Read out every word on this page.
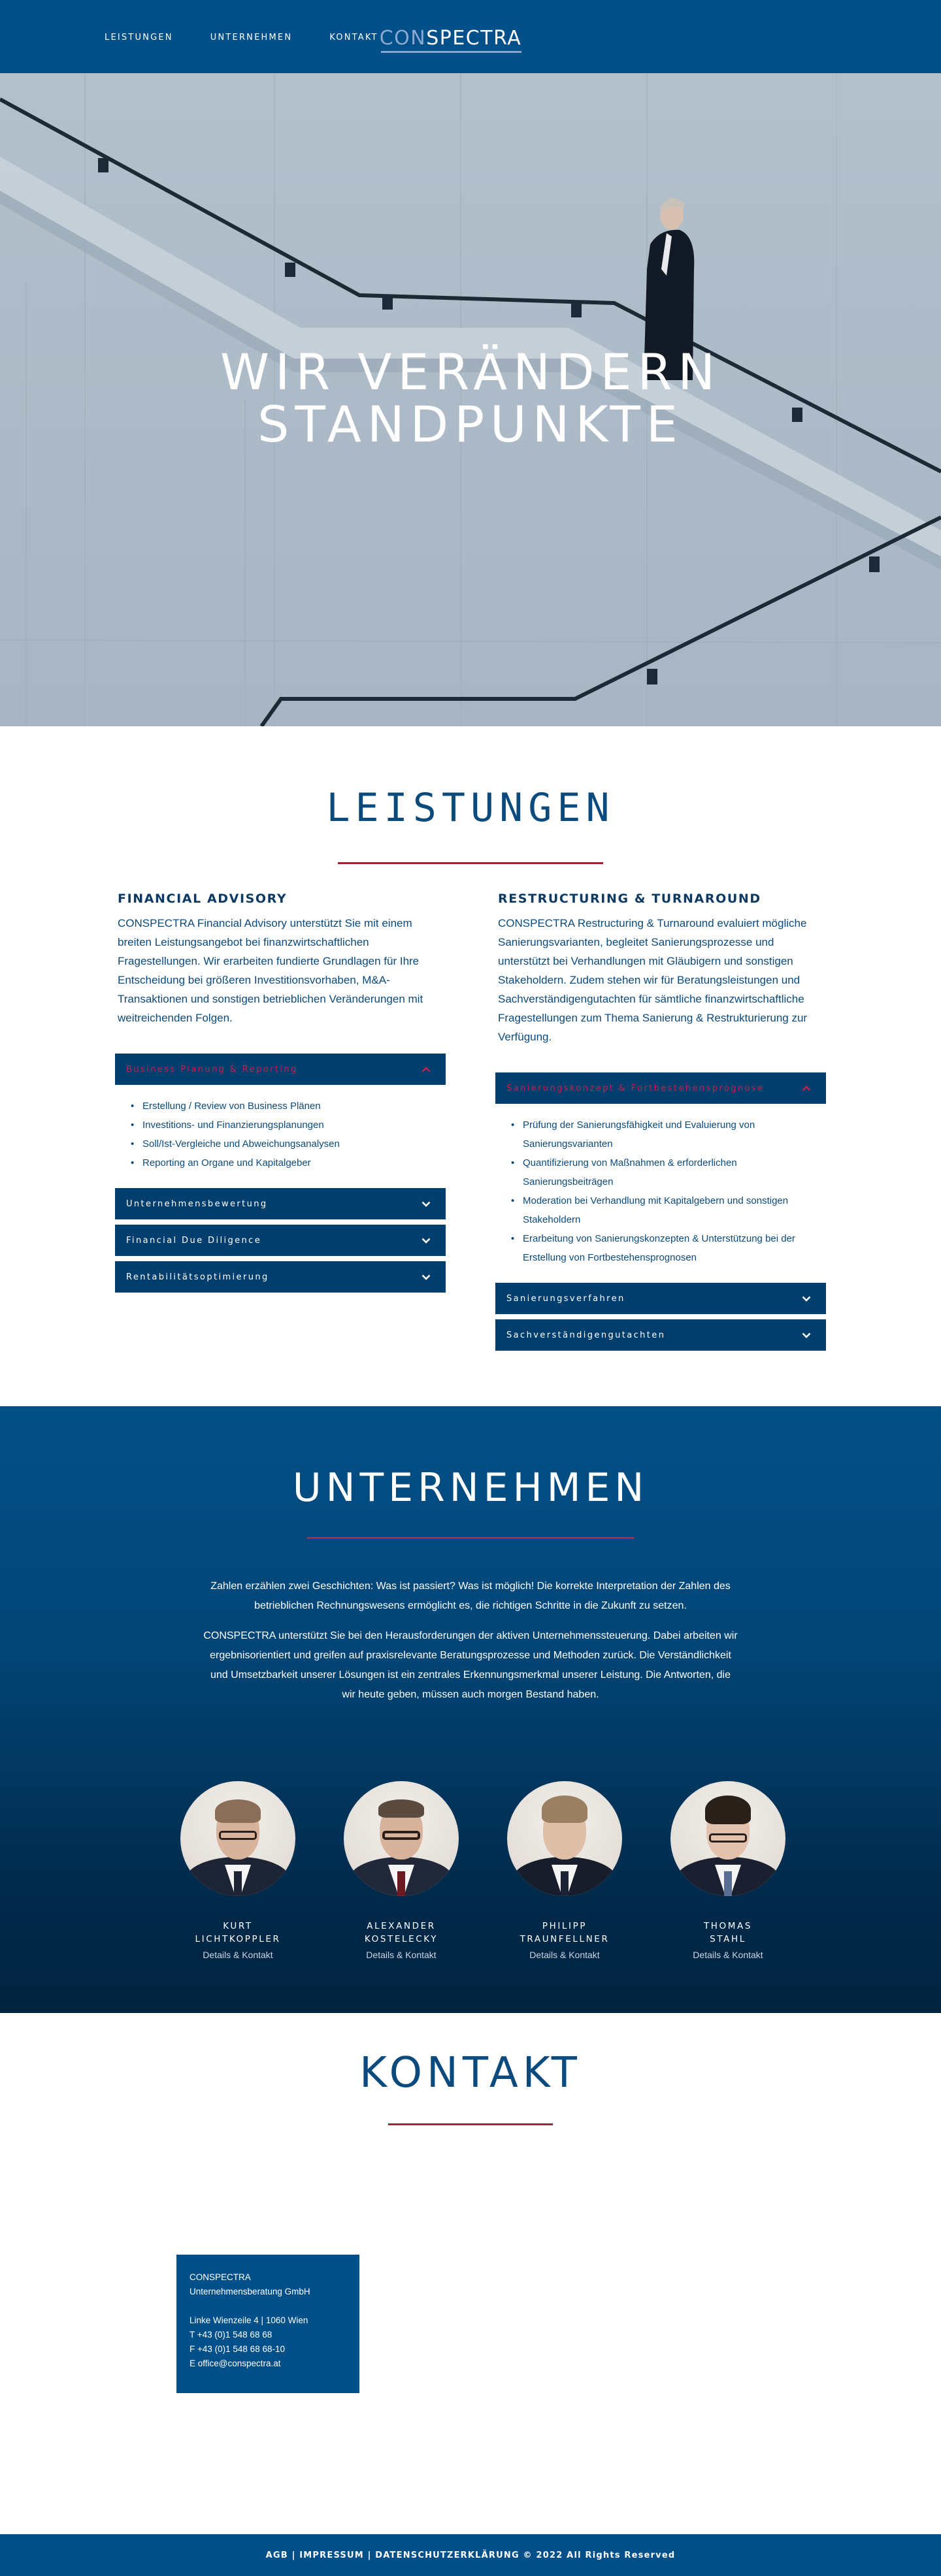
LEISTUNGEN	UNTERNEHMEN	KONTAKT CONSPECTRA
WIR VERÄNDERN
STANDPUNKTE
LEISTUNGEN
FINANCIAL ADVISORY

CONSPECTRA Financial Advisory unterstützt Sie mit einem breiten Leistungsangebot bei finanzwirtschaftlichen Fragestellungen. Wir erarbeiten fundierte Grundlagen für Ihre Entscheidung bei größeren Investitionsvorhaben, M&A-Transaktionen und sonstigen betrieblichen Veränderungen mit weitreichenden Folgen.

Business Planung & Reporting
• Erstellung / Review von Business Plänen
• Investitions- und Finanzierungsplanungen
• Soll/Ist-Vergleiche und Abweichungsanalysen
• Reporting an Organe und Kapitalgeber
Unternehmensbewertung
Financial Due Diligence
Rentabilitätsoptimierung
RESTRUCTURING & TURNAROUND

CONSPECTRA Restructuring & Turnaround evaluiert mögliche Sanierungsvarianten, begleitet Sanierungsprozesse und unterstützt bei Verhandlungen mit Gläubigern und sonstigen Stakeholdern. Zudem stehen wir für Beratungsleistungen und Sachverständigengutachten für sämtliche finanzwirtschaftliche Fragestellungen zum Thema Sanierung & Restrukturierung zur Verfügung.

Sanierungskonzept & Fortbestehensprognose
• Prüfung der Sanierungsfähigkeit und Evaluierung von Sanierungsvarianten
• Quantifizierung von Maßnahmen & erforderlichen Sanierungsbeiträgen
• Moderation bei Verhandlung mit Kapitalgebern und sonstigen Stakeholdern
• Erarbeitung von Sanierungskonzepten & Unterstützung bei der Erstellung von Fortbestehensprognosen
Sanierungsverfahren
Sachverständigengutachten
UNTERNEHMEN

Zahlen erzählen zwei Geschichten: Was ist passiert? Was ist möglich! Die korrekte Interpretation der Zahlen des betrieblichen Rechnungswesens ermöglicht es, die richtigen Schritte in die Zukunft zu setzen.

CONSPECTRA unterstützt Sie bei den Herausforderungen der aktiven Unternehmenssteuerung. Dabei arbeiten wir ergebnisorientiert und greifen auf praxisrelevante Beratungsprozesse und Methoden zurück. Die Verständlichkeit und Umsetzbarkeit unserer Lösungen ist ein zentrales Erkennungsmerkmal unserer Leistung. Die Antworten, die wir heute geben, müssen auch morgen Bestand haben.

KURT
LICHTKOPPLER
Details & Kontakt
ALEXANDER
KOSTELECKY
Details & Kontakt
PHILIPP
TRAUNFELLNER
Details & Kontakt
THOMAS
STAHL
Details & Kontakt
KONTAKT
CONSPECTRA
Unternehmensberatung GmbH
Linke Wienzeile 4 | 1060 Wien
T +43 (0)1 548 68 68
F +43 (0)1 548 68 68-10
E office@conspectra.at
AGB | IMPRESSUM | DATENSCHUTZERKLÄRUNG © 2022 All Rights Reserved
